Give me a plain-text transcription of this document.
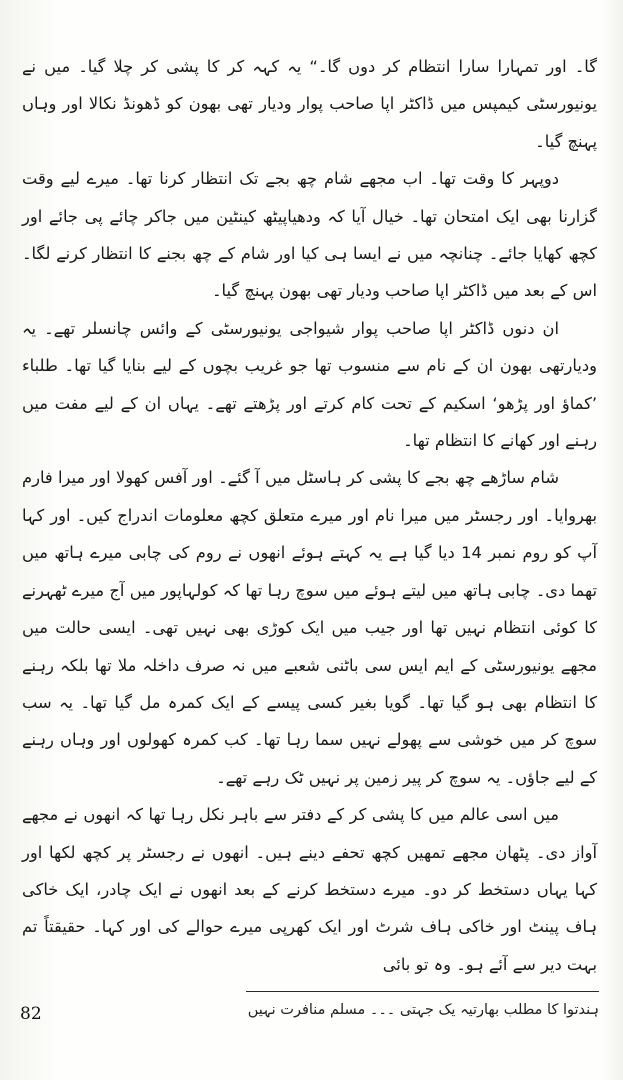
گا۔ اور تمہارا سارا انتظام کر دوں گا۔“ یہ کہہ کر کا پشی کر چلا گیا۔ میں نے یونیورسٹی کیمپس میں ڈاکٹر اپا صاحب پوار ودیار تھی بھون کو ڈھونڈ نکالا اور وہاں پہنچ گیا۔

دوپہر کا وقت تھا۔ اب مجھے شام چھ بجے تک انتظار کرنا تھا۔ میرے لیے وقت گزارنا بھی ایک امتحان تھا۔ خیال آیا کہ ودھیاپیٹھ کینٹین میں جاکر چائے پی جائے اور کچھ کھایا جائے۔ چنانچہ میں نے ایسا ہی کیا اور شام کے چھ بجنے کا انتظار کرنے لگا۔ اس کے بعد میں ڈاکٹر اپا صاحب ودیار تھی بھون پہنچ گیا۔

ان دنوں ڈاکٹر اپا صاحب پوار شیواجی یونیورسٹی کے وائس چانسلر تھے۔ یہ ودیارتھی بھون ان کے نام سے منسوب تھا جو غریب بچوں کے لیے بنایا گیا تھا۔ طلباء ’کماؤ اور پڑھو‘ اسکیم کے تحت کام کرتے اور پڑھتے تھے۔ یہاں ان کے لیے مفت میں رہنے اور کھانے کا انتظام تھا۔

شام ساڑھے چھ بجے کا پشی کر ہاسٹل میں آ گئے۔ اور آفس کھولا اور میرا فارم بھروایا۔ اور رجسٹر میں میرا نام اور میرے متعلق کچھ معلومات اندراج کیں۔ اور کہا آپ کو روم نمبر 14 دیا گیا ہے یہ کہتے ہوئے انھوں نے روم کی چابی میرے ہاتھ میں تھما دی۔ چابی ہاتھ میں لیتے ہوئے میں سوچ رہا تھا کہ کولہاپور میں آج میرے ٹھہرنے کا کوئی انتظام نہیں تھا اور جیب میں ایک کوڑی بھی نہیں تھی۔ ایسی حالت میں مجھے یونیورسٹی کے ایم ایس سی باٹنی شعبے میں نہ صرف داخلہ ملا تھا بلکہ رہنے کا انتظام بھی ہو گیا تھا۔ گویا بغیر کسی پیسے کے ایک کمرہ مل گیا تھا۔ یہ سب سوچ کر میں خوشی سے پھولے نہیں سما رہا تھا۔ کب کمرہ کھولوں اور وہاں رہنے کے لیے جاؤں۔ یہ سوچ کر پیر زمین پر نہیں ٹک رہے تھے۔

میں اسی عالم میں کا پشی کر کے دفتر سے باہر نکل رہا تھا کہ انھوں نے مجھے آواز دی۔ پٹھان مجھے تمھیں کچھ تحفے دینے ہیں۔ انھوں نے رجسٹر پر کچھ لکھا اور کہا یہاں دستخط کر دو۔ میرے دستخط کرنے کے بعد انھوں نے ایک چادر، ایک خاکی ہاف پینٹ اور خاکی ہاف شرٹ اور ایک کھرپی میرے حوالے کی اور کہا۔ حقیقتاً تم بہت دیر سے آئے ہو۔ وہ تو بائی

ہندتوا کا مطلب بھارتیہ یک جہتی ۔۔۔ مسلم منافرت نہیں
82
